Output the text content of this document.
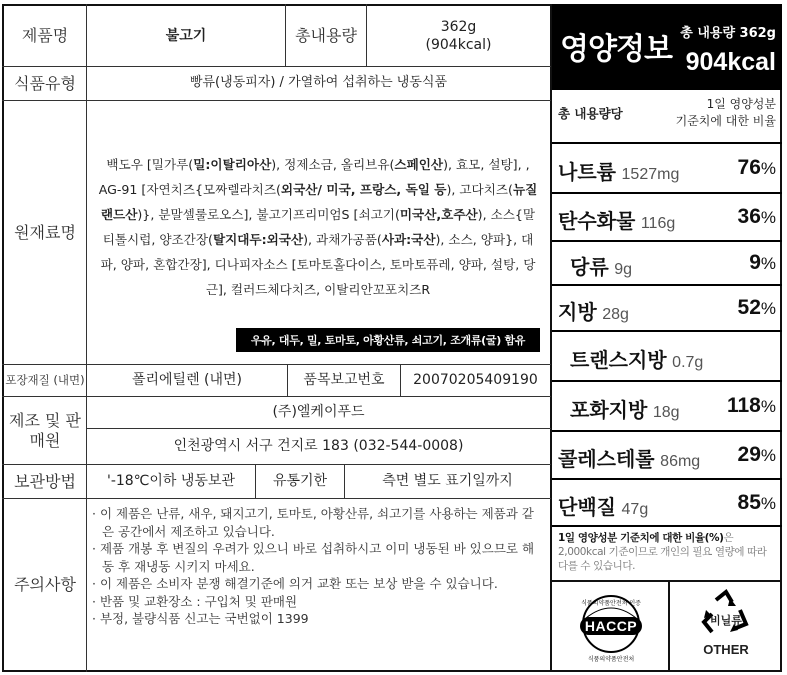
제품명	불고기	총내용량	362g
(904kcal)
식품유형	빵류(냉동피자) / 가열하여 섭취하는 냉동식품
원재료명
백도우 [밀가루(밀:이탈리아산), 정제소금, 올리브유(스페인산), 효모, 설탕], , AG-91 [자연치즈{모짜렐라치즈(외국산/ 미국, 프랑스, 독일 등), 고다치즈(뉴질랜드산)}, 분말셀룰로오스], 불고기프리미엄S [쇠고기(미국산,호주산), 소스{말티톨시럽, 양조간장(탈지대두:외국산), 과채가공품(사과:국산), 소스, 양파}, 대파, 양파, 혼합간장], 디나피자소스 [토마토홀다이스, 토마토퓨레, 양파, 설탕, 당근], 컬러드체다치즈, 이탈리안꼬포치즈R
우유, 대두, 밀, 토마토, 아황산류, 쇠고기, 조개류(굴) 함유
포장재질 (내면)	폴리에틸렌 (내면)	품목보고번호	20070205409190
제조 및 판매원
(주)엘케이푸드
인천광역시 서구 건지로 183 (032-544-0008)
보관방법	'-18℃이하 냉동보관	유통기한	측면 별도 표기일까지
주의사항
· 이 제품은 난류, 새우, 돼지고기, 토마토, 아황산류, 쇠고기를 사용하는 제품과 같은 공간에서 제조하고 있습니다.
· 제품 개봉 후 변질의 우려가 있으니 바로 섭취하시고 이미 냉동된 바 있으므로 해동 후 재냉동 시키지 마세요.
· 이 제품은 소비자 분쟁 해결기준에 의거 교환 또는 보상 받을 수 있습니다.
· 반품 및 교환장소 : 구입처 및 판매원
· 부정, 불량식품 신고는 국번없이 1399
영양정보 총 내용량 362g
904kcal
총 내용량당
1일 영양성분
기준치에 대한 비율
나트륨 1527mg	76%
탄수화물 116g	36%
당류 9g	9%
지방 28g	52%
트랜스지방 0.7g
포화지방 18g 118%
콜레스테롤 86mg 29%
단백질 47g	85%
1일 영양성분 기준치에 대한 비율(%)은 2,000kcal 기준이므로 개인의 필요 열량에 따라 다를 수 있습니다.
식품의약품안전처 인증
HACCP
식품의약품안전처
비닐류
OTHER
